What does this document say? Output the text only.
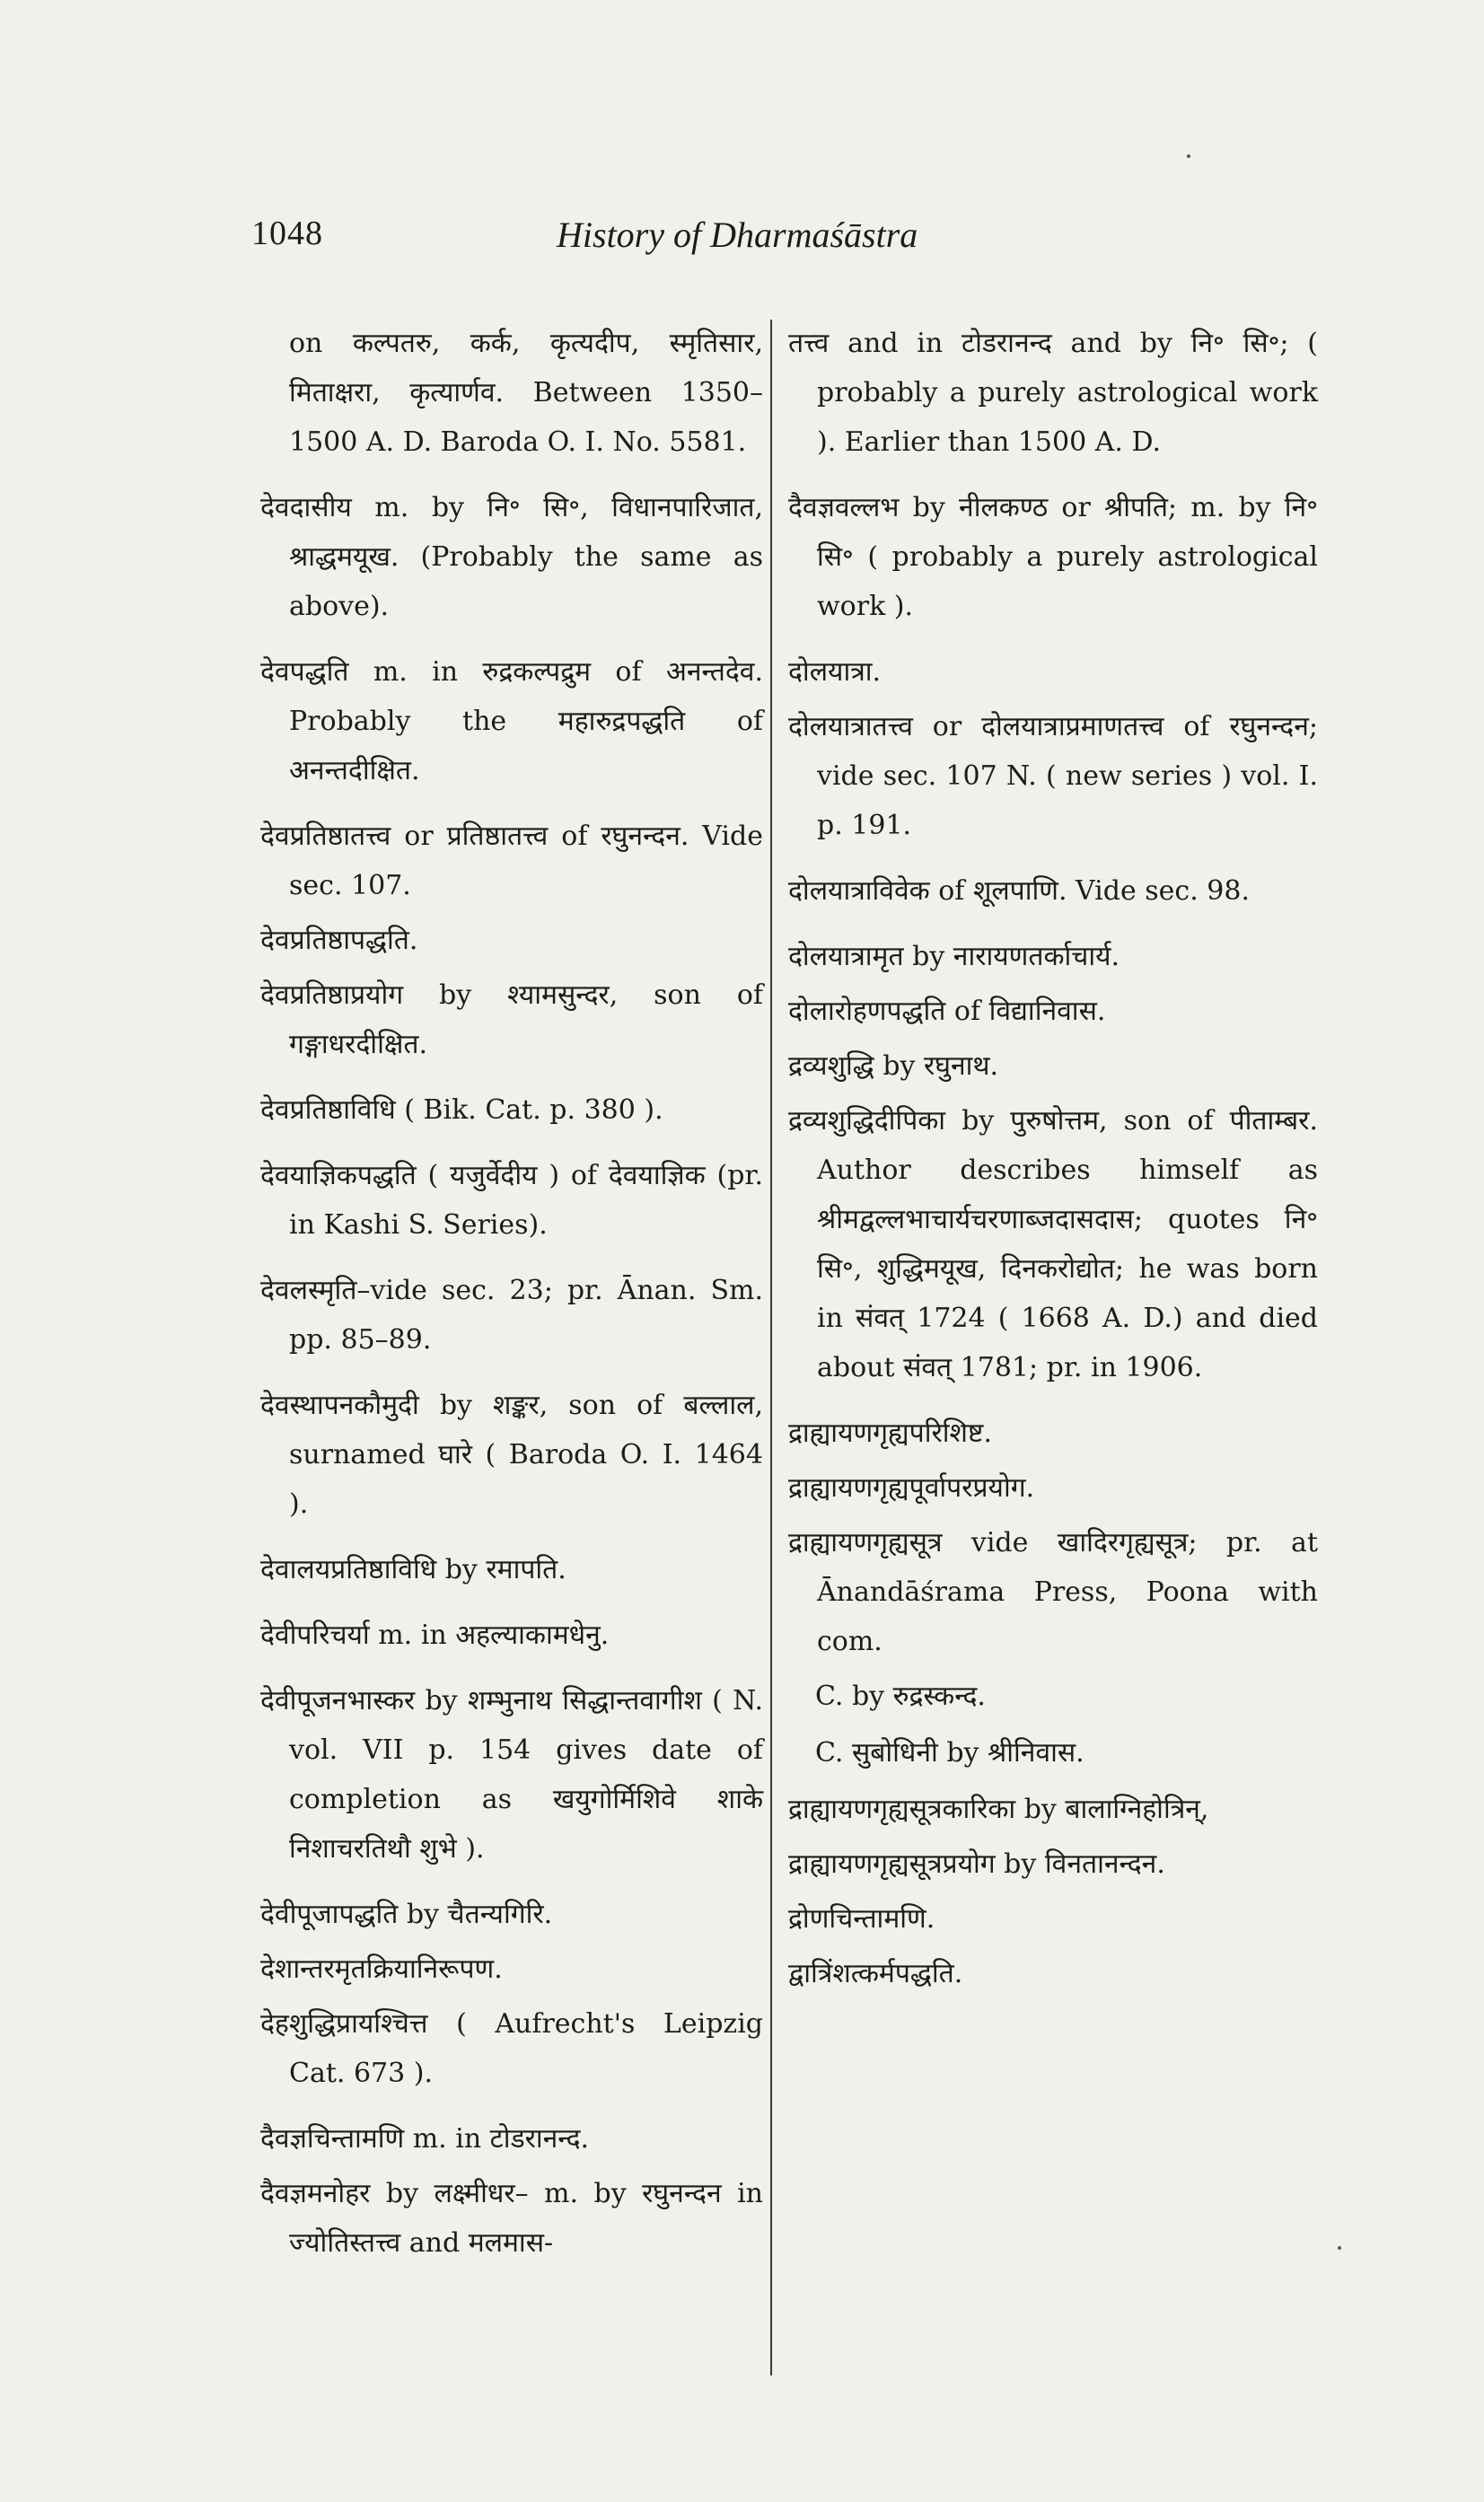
1048	History of Dharmaśāstra

on कल्पतरु, कर्क, कृत्यदीप, स्मृतिसार, मिताक्षरा, कृत्यार्णव. Between 1350–1500 A. D. Baroda O. I. No. 5581.

देवदासीय m. by नि॰ सि॰, विधानपारिजात, श्राद्धमयूख. (Probably the same as above).

देवपद्धति m. in रुद्रकल्पद्रुम of अनन्तदेव. Probably the महारुद्रपद्धति of अनन्तदीक्षित.

देवप्रतिष्ठातत्त्व or प्रतिष्ठातत्त्व of रघुनन्दन. Vide sec. 107.

देवप्रतिष्ठापद्धति.

देवप्रतिष्ठाप्रयोग by श्यामसुन्दर, son of गङ्गाधरदीक्षित.

देवप्रतिष्ठाविधि ( Bik. Cat. p. 380 ).

देवयाज्ञिकपद्धति ( यजुर्वेदीय ) of देवयाज्ञिक (pr. in Kashi S. Series).

देवलस्मृति–vide sec. 23; pr. Ānan. Sm. pp. 85–89.

देवस्थापनकौमुदी by शङ्कर, son of बल्लाल, surnamed घारे ( Baroda O. I. 1464 ).

देवालयप्रतिष्ठाविधि by रमापति.

देवीपरिचर्या m. in अहल्याकामधेनु.

देवीपूजनभास्कर by शम्भुनाथ सिद्धान्तवागीश ( N. vol. VII p. 154 gives date of completion as खयुगोर्मिशिवे शाके निशाचरतिथौ शुभे ).

देवीपूजापद्धति by चैतन्यगिरि.

देशान्तरमृतक्रियानिरूपण.

देहशुद्धिप्रायश्चित्त ( Aufrecht's Leipzig Cat. 673 ).

दैवज्ञचिन्तामणि m. in टोडरानन्द.

दैवज्ञमनोहर by लक्ष्मीधर– m. by रघुनन्दन in ज्योतिस्तत्त्व and मलमास-

तत्त्व and in टोडरानन्द and by नि॰ सि॰; ( probably a purely astrological work ). Earlier than 1500 A. D.

दैवज्ञवल्लभ by नीलकण्ठ or श्रीपति; m. by नि॰ सि॰ ( probably a purely astrological work ).

दोलयात्रा.

दोलयात्रातत्त्व or दोलयात्राप्रमाणतत्त्व of रघुनन्दन; vide sec. 107 N. ( new series ) vol. I. p. 191.

दोलयात्राविवेक of शूलपाणि. Vide sec. 98.

दोलयात्रामृत by नारायणतर्काचार्य.

दोलारोहणपद्धति of विद्यानिवास.

द्रव्यशुद्धि by रघुनाथ.

द्रव्यशुद्धिदीपिका by पुरुषोत्तम, son of पीताम्बर. Author describes himself as श्रीमद्वल्लभाचार्यचरणाब्जदासदास; quotes नि॰ सि॰, शुद्धिमयूख, दिनकरोद्योत; he was born in संवत् 1724 ( 1668 A. D.) and died about संवत् 1781; pr. in 1906.

द्राह्यायणगृह्यपरिशिष्ट.

द्राह्यायणगृह्यपूर्वापरप्रयोग.

द्राह्यायणगृह्यसूत्र vide खादिरगृह्यसूत्र; pr. at Ānandāśrama Press, Poona with com.

C. by रुद्रस्कन्द.

C. सुबोधिनी by श्रीनिवास.

द्राह्यायणगृह्यसूत्रकारिका by बालाग्निहोत्रिन्,

द्राह्यायणगृह्यसूत्रप्रयोग by विनतानन्दन.

द्रोणचिन्तामणि.

द्वात्रिंशत्कर्मपद्धति.
